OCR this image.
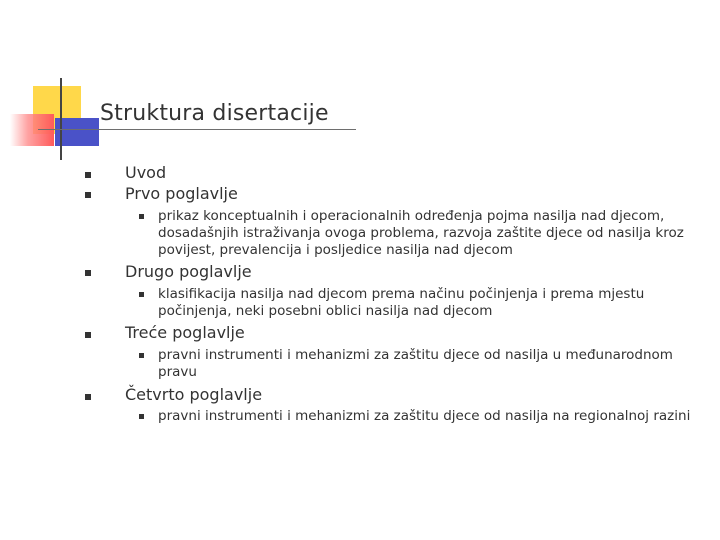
Struktura disertacije
Uvod
Prvo poglavlje
prikaz konceptualnih i operacionalnih određenja pojma nasilja nad djecom, dosadašnjih istraživanja ovoga problema, razvoja zaštite djece od nasilja kroz povijest, prevalencija i posljedice nasilja nad djecom
Drugo poglavlje
klasifikacija nasilja nad djecom prema načinu počinjenja i prema mjestu počinjenja, neki posebni oblici nasilja nad djecom
Treće poglavlje
pravni instrumenti i mehanizmi za zaštitu djece od nasilja u međunarodnom pravu
Četvrto poglavlje
pravni instrumenti i mehanizmi za zaštitu djece od nasilja na regionalnoj razini
